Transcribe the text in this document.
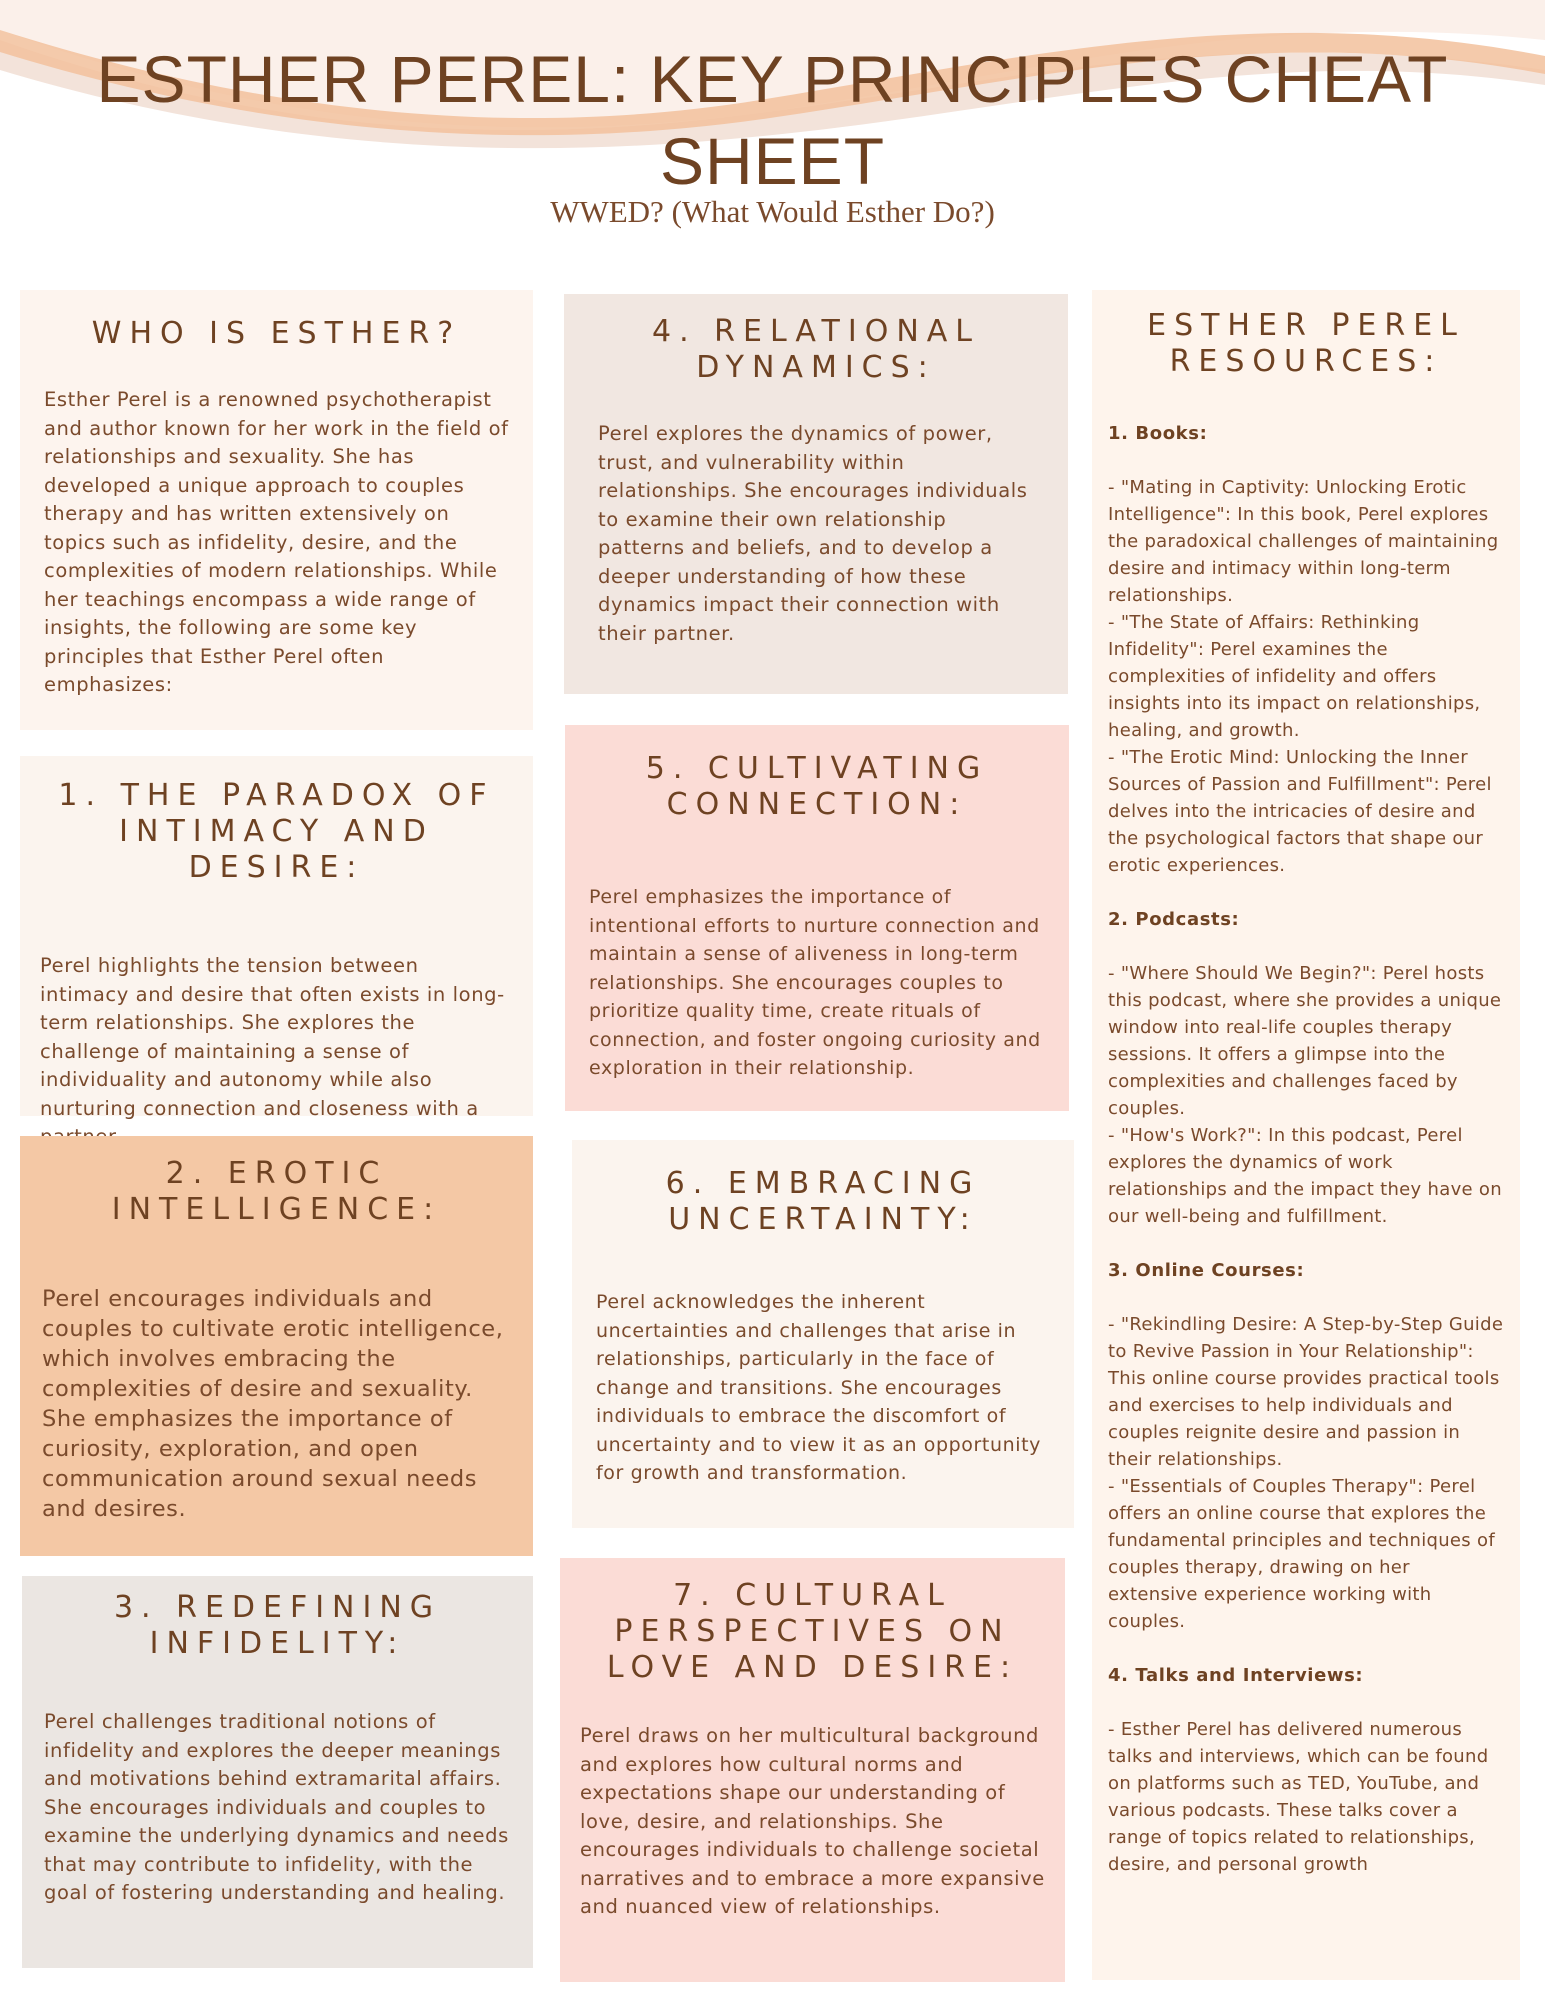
ESTHER PEREL: KEY PRINCIPLES CHEAT SHEET
WWED? (What Would Esther Do?)
WHO IS ESTHER?

Esther Perel is a renowned psychotherapist and author known for her work in the field of relationships and sexuality. She has developed a unique approach to couples therapy and has written extensively on topics such as infidelity, desire, and the complexities of modern relationships. While her teachings encompass a wide range of insights, the following are some key principles that Esther Perel often emphasizes:

1. THE PARADOX OF INTIMACY AND DESIRE:

Perel highlights the tension between intimacy and desire that often exists in long-term relationships. She explores the challenge of maintaining a sense of individuality and autonomy while also nurturing connection and closeness with a

2. EROTIC INTELLIGENCE:

Perel encourages individuals and couples to cultivate erotic intelligence, which involves embracing the complexities of desire and sexuality. She emphasizes the importance of curiosity, exploration, and open communication around sexual needs and desires.

3. REDEFINING INFIDELITY:

Perel challenges traditional notions of infidelity and explores the deeper meanings and motivations behind extramarital affairs. She encourages individuals and couples to examine the underlying dynamics and needs that may contribute to infidelity, with the goal of fostering understanding and healing.

4. RELATIONAL DYNAMICS:

Perel explores the dynamics of power, trust, and vulnerability within relationships. She encourages individuals to examine their own relationship patterns and beliefs, and to develop a deeper understanding of how these dynamics impact their connection with their partner.

5. CULTIVATING CONNECTION:

Perel emphasizes the importance of intentional efforts to nurture connection and maintain a sense of aliveness in long-term relationships. She encourages couples to prioritize quality time, create rituals of connection, and foster ongoing curiosity and exploration in their relationship.

6. EMBRACING UNCERTAINTY:

Perel acknowledges the inherent uncertainties and challenges that arise in relationships, particularly in the face of change and transitions. She encourages individuals to embrace the discomfort of uncertainty and to view it as an opportunity for growth and transformation.

7. CULTURAL PERSPECTIVES ON LOVE AND DESIRE:

Perel draws on her multicultural background and explores how cultural norms and expectations shape our understanding of love, desire, and relationships. She encourages individuals to challenge societal narratives and to embrace a more expansive and nuanced view of relationships.

ESTHER PEREL RESOURCES:
1. Books:
- "Mating in Captivity: Unlocking Erotic Intelligence": In this book, Perel explores the paradoxical challenges of maintaining desire and intimacy within long-term relationships.
- "The State of Affairs: Rethinking Infidelity": Perel examines the complexities of infidelity and offers insights into its impact on relationships, healing, and growth.
- "The Erotic Mind: Unlocking the Inner Sources of Passion and Fulfillment": Perel delves into the intricacies of desire and the psychological factors that shape our erotic experiences.
2. Podcasts:
- "Where Should We Begin?": Perel hosts this podcast, where she provides a unique window into real-life couples therapy sessions. It offers a glimpse into the complexities and challenges faced by couples.
- "How's Work?": In this podcast, Perel explores the dynamics of work relationships and the impact they have on our well-being and fulfillment.
3. Online Courses:
- "Rekindling Desire: A Step-by-Step Guide to Revive Passion in Your Relationship": This online course provides practical tools and exercises to help individuals and couples reignite desire and passion in their relationships.
- "Essentials of Couples Therapy": Perel offers an online course that explores the fundamental principles and techniques of couples therapy, drawing on her extensive experience working with couples.
4. Talks and Interviews:
- Esther Perel has delivered numerous talks and interviews, which can be found on platforms such as TED, YouTube, and various podcasts. These talks cover a range of topics related to relationships, desire, and personal growth
